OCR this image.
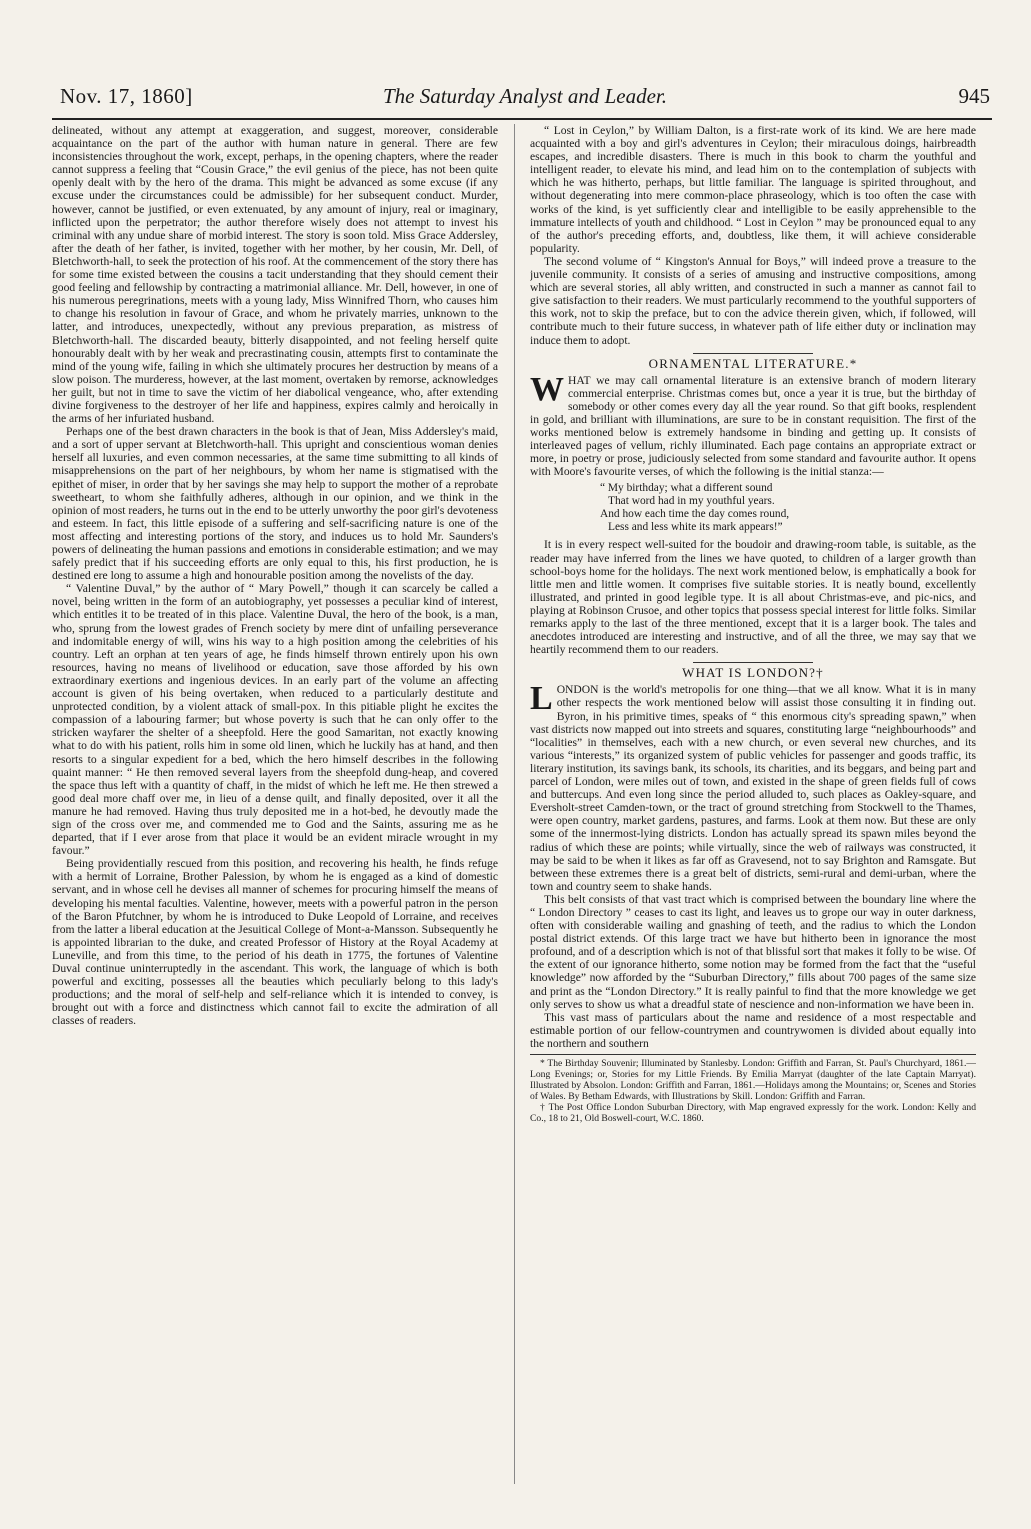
Nov. 17, 1860]	The Saturday Analyst and Leader.	945

delineated, without any attempt at exaggeration, and suggest, moreover, considerable acquaintance on the part of the author with human nature in general. There are few inconsistencies throughout the work, except, perhaps, in the opening chapters, where the reader cannot suppress a feeling that “Cousin Grace,” the evil genius of the piece, has not been quite openly dealt with by the hero of the drama. This might be advanced as some excuse (if any excuse under the circumstances could be admissible) for her subsequent conduct. Murder, however, cannot be justified, or even extenuated, by any amount of injury, real or imaginary, inflicted upon the perpetrator; the author therefore wisely does not attempt to invest his criminal with any undue share of morbid interest. The story is soon told. Miss Grace Addersley, after the death of her father, is invited, together with her mother, by her cousin, Mr. Dell, of Bletchworth-hall, to seek the protection of his roof. At the commencement of the story there has for some time existed between the cousins a tacit understanding that they should cement their good feeling and fellowship by contracting a matrimonial alliance. Mr. Dell, however, in one of his numerous peregrinations, meets with a young lady, Miss Winnifred Thorn, who causes him to change his resolution in favour of Grace, and whom he privately marries, unknown to the latter, and introduces, unexpectedly, without any previous preparation, as mistress of Bletchworth-hall. The discarded beauty, bitterly disappointed, and not feeling herself quite honourably dealt with by her weak and precrastinating cousin, attempts first to contaminate the mind of the young wife, failing in which she ultimately procures her destruction by means of a slow poison. The murderess, however, at the last moment, overtaken by remorse, acknowledges her guilt, but not in time to save the victim of her diabolical vengeance, who, after extending divine forgiveness to the destroyer of her life and happiness, expires calmly and heroically in the arms of her infuriated husband.

Perhaps one of the best drawn characters in the book is that of Jean, Miss Addersley's maid, and a sort of upper servant at Bletchworth-hall. This upright and conscientious woman denies herself all luxuries, and even common necessaries, at the same time submitting to all kinds of misapprehensions on the part of her neighbours, by whom her name is stigmatised with the epithet of miser, in order that by her savings she may help to support the mother of a reprobate sweetheart, to whom she faithfully adheres, although in our opinion, and we think in the opinion of most readers, he turns out in the end to be utterly unworthy the poor girl's devoteness and esteem. In fact, this little episode of a suffering and self-sacrificing nature is one of the most affecting and interesting portions of the story, and induces us to hold Mr. Saunders's powers of delineating the human passions and emotions in considerable estimation; and we may safely predict that if his succeeding efforts are only equal to this, his first production, he is destined ere long to assume a high and honourable position among the novelists of the day.

“ Valentine Duval,” by the author of “ Mary Powell,” though it can scarcely be called a novel, being written in the form of an autobiography, yet possesses a peculiar kind of interest, which entitles it to be treated of in this place. Valentine Duval, the hero of the book, is a man, who, sprung from the lowest grades of French society by mere dint of unfailing perseverance and indomitable energy of will, wins his way to a high position among the celebrities of his country. Left an orphan at ten years of age, he finds himself thrown entirely upon his own resources, having no means of livelihood or education, save those afforded by his own extraordinary exertions and ingenious devices. In an early part of the volume an affecting account is given of his being overtaken, when reduced to a particularly destitute and unprotected condition, by a violent attack of small-pox. In this pitiable plight he excites the compassion of a labouring farmer; but whose poverty is such that he can only offer to the stricken wayfarer the shelter of a sheepfold. Here the good Samaritan, not exactly knowing what to do with his patient, rolls him in some old linen, which he luckily has at hand, and then resorts to a singular expedient for a bed, which the hero himself describes in the following quaint manner: “ He then removed several layers from the sheepfold dung-heap, and covered the space thus left with a quantity of chaff, in the midst of which he left me. He then strewed a good deal more chaff over me, in lieu of a dense quilt, and finally deposited, over it all the manure he had removed. Having thus truly deposited me in a hot-bed, he devoutly made the sign of the cross over me, and commended me to God and the Saints, assuring me as he departed, that if I ever arose from that place it would be an evident miracle wrought in my favour.”

Being providentially rescued from this position, and recovering his health, he finds refuge with a hermit of Lorraine, Brother Palession, by whom he is engaged as a kind of domestic servant, and in whose cell he devises all manner of schemes for procuring himself the means of developing his mental faculties. Valentine, however, meets with a powerful patron in the person of the Baron Pfutchner, by whom he is introduced to Duke Leopold of Lorraine, and receives from the latter a liberal education at the Jesuitical College of Mont-a-Mansson. Subsequently he is appointed librarian to the duke, and created Professor of History at the Royal Academy at Luneville, and from this time, to the period of his death in 1775, the fortunes of Valentine Duval continue uninterruptedly in the ascendant. This work, the language of which is both powerful and exciting, possesses all the beauties which peculiarly belong to this lady's productions; and the moral of self-help and self-reliance which it is intended to convey, is brought out with a force and distinctness which cannot fail to excite the admiration of all classes of readers.

“ Lost in Ceylon,” by William Dalton, is a first-rate work of its kind. We are here made acquainted with a boy and girl's adventures in Ceylon; their miraculous doings, hairbreadth escapes, and incredible disasters. There is much in this book to charm the youthful and intelligent reader, to elevate his mind, and lead him on to the contemplation of subjects with which he was hitherto, perhaps, but little familiar. The language is spirited throughout, and without degenerating into mere common-place phraseology, which is too often the case with works of the kind, is yet sufficiently clear and intelligible to be easily apprehensible to the immature intellects of youth and childhood. “ Lost in Ceylon ” may be pronounced equal to any of the author's preceding efforts, and, doubtless, like them, it will achieve considerable popularity.

The second volume of “ Kingston's Annual for Boys,” will indeed prove a treasure to the juvenile community. It consists of a series of amusing and instructive compositions, among which are several stories, all ably written, and constructed in such a manner as cannot fail to give satisfaction to their readers. We must particularly recommend to the youthful supporters of this work, not to skip the preface, but to con the advice therein given, which, if followed, will contribute much to their future success, in whatever path of life either duty or inclination may induce them to adopt.

ORNAMENTAL LITERATURE.*

WHAT we may call ornamental literature is an extensive branch of modern literary commercial enterprise. Christmas comes but, once a year it is true, but the birthday of somebody or other comes every day all the year round. So that gift books, resplendent in gold, and brilliant with illuminations, are sure to be in constant requisition. The first of the works mentioned below is extremely handsome in binding and getting up. It consists of interleaved pages of vellum, richly illuminated. Each page contains an appropriate extract or more, in poetry or prose, judiciously selected from some standard and favourite author. It opens with Moore's favourite verses, of which the following is the initial stanza:—

“ My birthday; what a different sound
That word had in my youthful years.
And how each time the day comes round,
Less and less white its mark appears!”

It is in every respect well-suited for the boudoir and drawing-room table, is suitable, as the reader may have inferred from the lines we have quoted, to children of a larger growth than school-boys home for the holidays. The next work mentioned below, is emphatically a book for little men and little women. It comprises five suitable stories. It is neatly bound, excellently illustrated, and printed in good legible type. It is all about Christmas-eve, and pic-nics, and playing at Robinson Crusoe, and other topics that possess special interest for little folks. Similar remarks apply to the last of the three mentioned, except that it is a larger book. The tales and anecdotes introduced are interesting and instructive, and of all the three, we may say that we heartily recommend them to our readers.

WHAT IS LONDON?†

LONDON is the world's metropolis for one thing—that we all know. What it is in many other respects the work mentioned below will assist those consulting it in finding out. Byron, in his primitive times, speaks of “ this enormous city's spreading spawn,” when vast districts now mapped out into streets and squares, constituting large “neighbourhoods” and “localities” in themselves, each with a new church, or even several new churches, and its various “interests,” its organized system of public vehicles for passenger and goods traffic, its literary institution, its savings bank, its schools, its charities, and its beggars, and being part and parcel of London, were miles out of town, and existed in the shape of green fields full of cows and buttercups. And even long since the period alluded to, such places as Oakley-square, and Eversholt-street Camden-town, or the tract of ground stretching from Stockwell to the Thames, were open country, market gardens, pastures, and farms. Look at them now. But these are only some of the innermost-lying districts. London has actually spread its spawn miles beyond the radius of which these are points; while virtually, since the web of railways was constructed, it may be said to be when it likes as far off as Gravesend, not to say Brighton and Ramsgate. But between these extremes there is a great belt of districts, semi-rural and demi-urban, where the town and country seem to shake hands.

This belt consists of that vast tract which is comprised between the boundary line where the “ London Directory ” ceases to cast its light, and leaves us to grope our way in outer darkness, often with considerable wailing and gnashing of teeth, and the radius to which the London postal district extends. Of this large tract we have but hitherto been in ignorance the most profound, and of a description which is not of that blissful sort that makes it folly to be wise. Of the extent of our ignorance hitherto, some notion may be formed from the fact that the “useful knowledge” now afforded by the “Suburban Directory,” fills about 700 pages of the same size and print as the “London Directory.” It is really painful to find that the more knowledge we get only serves to show us what a dreadful state of nescience and non-information we have been in.

This vast mass of particulars about the name and residence of a most respectable and estimable portion of our fellow-countrymen and countrywomen is divided about equally into the northern and southern

* The Birthday Souvenir; Illuminated by Stanlesby. London: Griffith and Farran, St. Paul's Churchyard, 1861.—Long Evenings; or, Stories for my Little Friends. By Emilia Marryat (daughter of the late Captain Marryat). Illustrated by Absolon. London: Griffith and Farran, 1861.—Holidays among the Mountains; or, Scenes and Stories of Wales. By Betham Edwards, with Illustrations by Skill. London: Griffith and Farran.

† The Post Office London Suburban Directory, with Map engraved expressly for the work. London: Kelly and Co., 18 to 21, Old Boswell-court, W.C. 1860.
